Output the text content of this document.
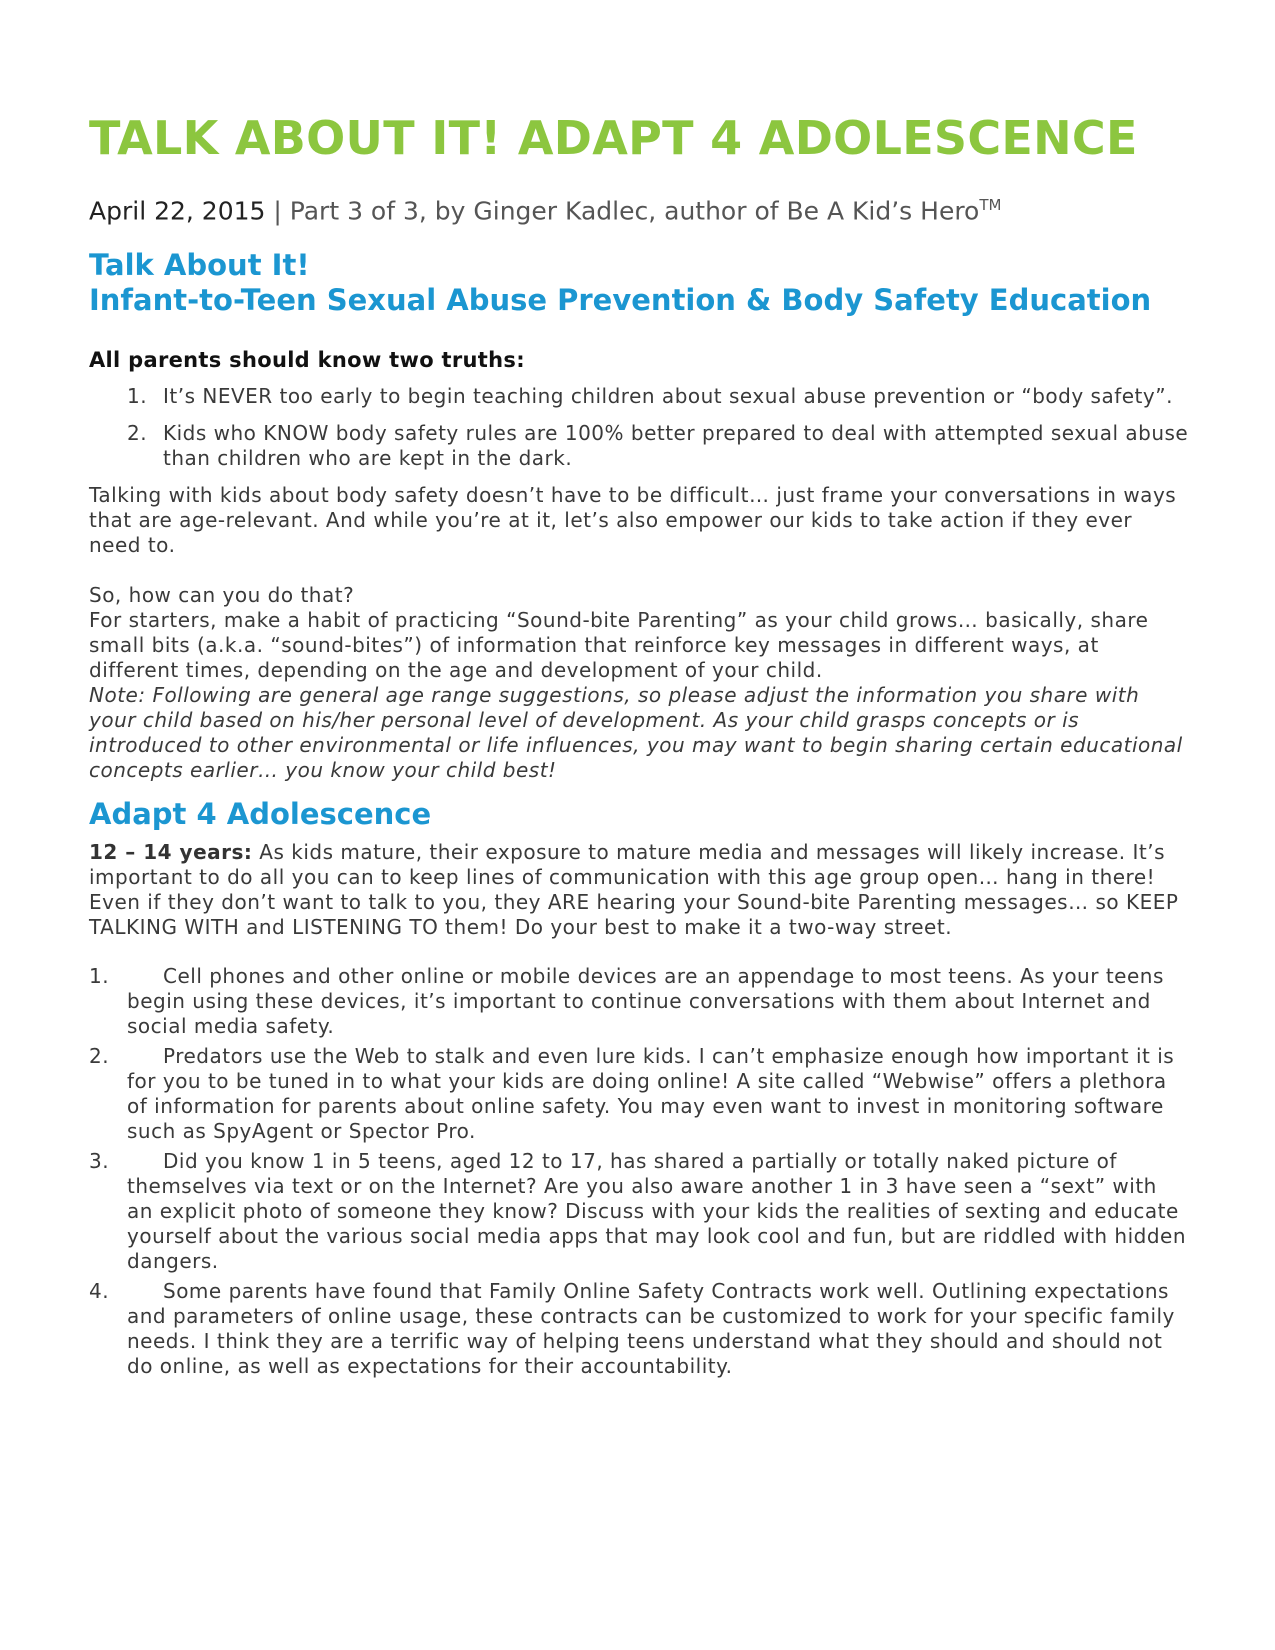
TALK ABOUT IT! ADAPT 4 ADOLESCENCE
April 22, 2015 | Part 3 of 3, by Ginger Kadlec, author of Be A Kid’s Hero™
Talk About It!
Infant-to-Teen Sexual Abuse Prevention & Body Safety Education
All parents should know two truths:
1. It’s NEVER too early to begin teaching children about sexual abuse prevention or “body safety”.
2. Kids who KNOW body safety rules are 100% better prepared to deal with attempted sexual abuse than children who are kept in the dark.

Talking with kids about body safety doesn’t have to be difficult… just frame your conversations in ways that are age-relevant. And while you’re at it, let’s also empower our kids to take action if they ever need to.

So, how can you do that?

For starters, make a habit of practicing “Sound-bite Parenting” as your child grows… basically, share small bits (a.k.a. “sound-bites”) of information that reinforce key messages in different ways, at different times, depending on the age and development of your child.

Note: Following are general age range suggestions, so please adjust the information you share with your child based on his/her personal level of development. As your child grasps concepts or is introduced to other environmental or life influences, you may want to begin sharing certain educational concepts earlier… you know your child best!

Adapt 4 Adolescence
12 – 14 years: As kids mature, their exposure to mature media and messages will likely increase. It’s important to do all you can to keep lines of communication with this age group open… hang in there! Even if they don’t want to talk to you, they ARE hearing your Sound-bite Parenting messages… so KEEP TALKING WITH and LISTENING TO them! Do your best to make it a two-way street.
1.	Cell phones and other online or mobile devices are an appendage to most teens. As your teens begin using these devices, it’s important to continue conversations with them about Internet and social media safety.
2.	Predators use the Web to stalk and even lure kids. I can’t emphasize enough how important it is for you to be tuned in to what your kids are doing online! A site called “Webwise” offers a plethora of information for parents about online safety. You may even want to invest in monitoring software such as SpyAgent or Spector Pro.
3.	Did you know 1 in 5 teens, aged 12 to 17, has shared a partially or totally naked picture of themselves via text or on the Internet? Are you also aware another 1 in 3 have seen a “sext” with an explicit photo of someone they know? Discuss with your kids the realities of sexting and educate yourself about the various social media apps that may look cool and fun, but are riddled with hidden dangers.
4.	Some parents have found that Family Online Safety Contracts work well. Outlining expectations and parameters of online usage, these contracts can be customized to work for your specific family needs. I think they are a terrific way of helping teens understand what they should and should not do online, as well as expectations for their accountability.
